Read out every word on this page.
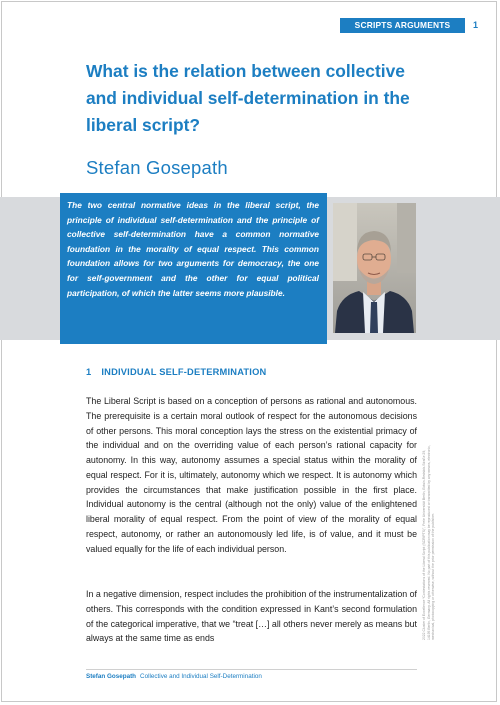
SCRIPTS ARGUMENTS	1
What is the relation between collective and individual self-determination in the liberal script?
Stefan Gosepath
The two central normative ideas in the liberal script, the principle of individual self-determination and the principle of collective self-determination have a common normative foundation in the morality of equal respect. This common foundation allows for two arguments for democracy, the one for self-government and the other for equal political participation, of which the latter seems more plausible.
1 INDIVIDUAL SELF-DETERMINATION

The Liberal Script is based on a conception of persons as rational and autonomous. The prerequisite is a certain moral outlook of respect for the autonomous decisions of other persons. This moral conception lays the stress on the existential primacy of the individual and on the overriding value of each person’s rational capacity for autonomy. In this way, autonomy assumes a special status within the morality of equal respect. For it is, ultimately, autonomy which we respect. It is autonomy which provides the circumstances that make justification possible in the first place. Individual autonomy is the central (although not the only) value of the enlightened liberal morality of equal respect. From the point of view of the morality of equal respect, autonomy, or rather an autonomously led life, is of value, and it must be valued equally for the life of each individual person.

In a negative dimension, respect includes the prohibition of the instrumentalization of others. This corresponds with the condition expressed in Kant’s second formulation of the categorical imperative, that we “treat […] all others never merely as means but always at the same time as ends

Stefan Gosepath Collective and Individual Self-Determination
2022 Cluster of Excellence “Contestations of the Liberal Script (SCRIPTS)”, Freie Universität Berlin, Edwin-Redslob-Straße 29, 14195 Berlin, Germany. All rights reserved. No part of this publication may be reproduced or transmitted by any means, electronic, mechanical, photocopying or otherwise, without the prior permission of the publisher.
